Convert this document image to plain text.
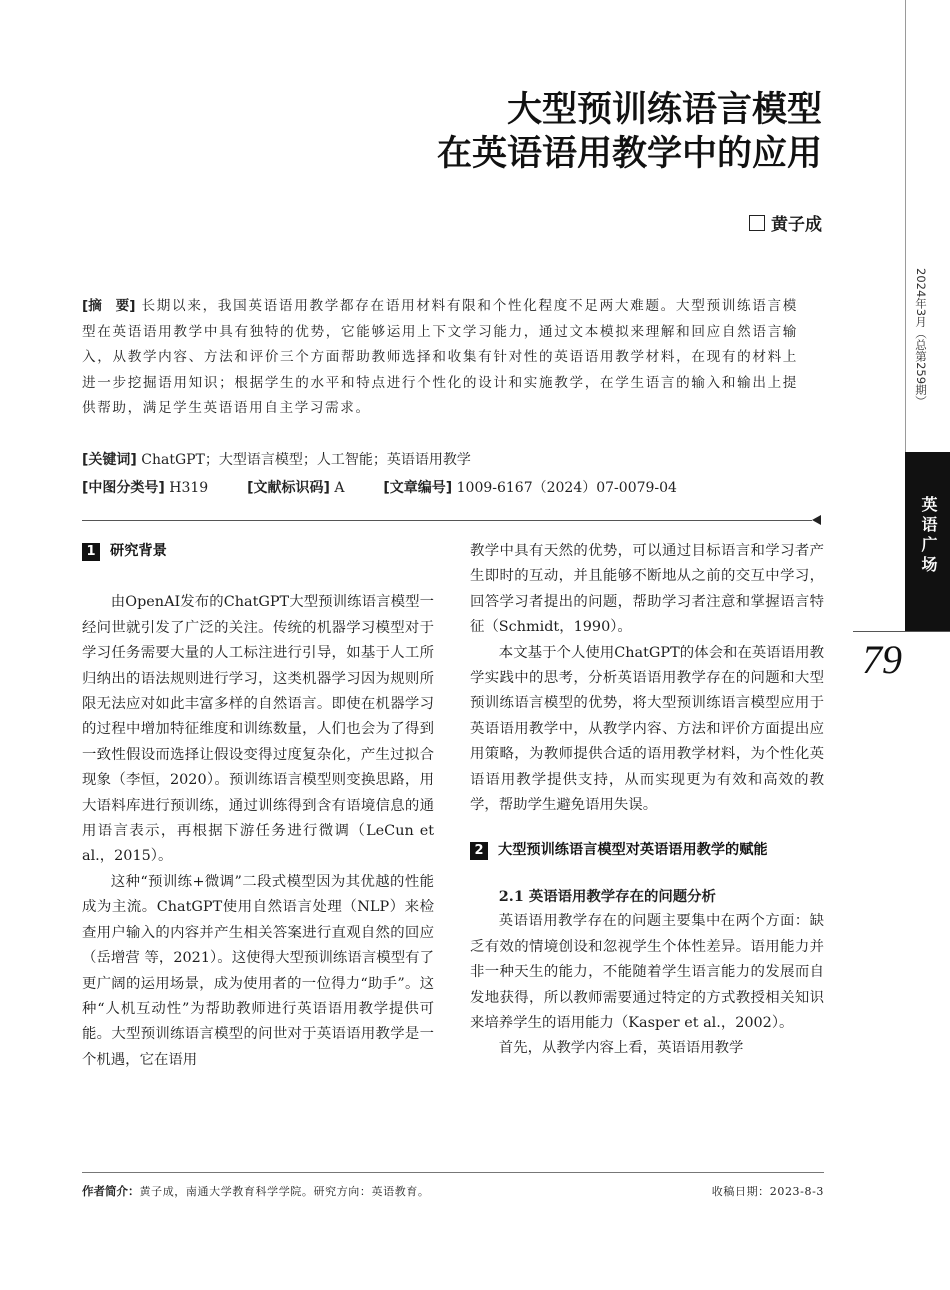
大型预训练语言模型
在英语语用教学中的应用
黄子成
[摘　要] 长期以来，我国英语语用教学都存在语用材料有限和个性化程度不足两大难题。大型预训练语言模型在英语语用教学中具有独特的优势，它能够运用上下文学习能力，通过文本模拟来理解和回应自然语言输入，从教学内容、方法和评价三个方面帮助教师选择和收集有针对性的英语语用教学材料，在现有的材料上进一步挖掘语用知识；根据学生的水平和特点进行个性化的设计和实施教学，在学生语言的输入和输出上提供帮助，满足学生英语语用自主学习需求。
[关键词] ChatGPT；大型语言模型；人工智能；英语语用教学
[中图分类号] H319	[文献标识码] A	[文章编号] 1009-6167（2024）07-0079-04
1	研究背景

由OpenAI发布的ChatGPT大型预训练语言模型一经问世就引发了广泛的关注。传统的机器学习模型对于学习任务需要大量的人工标注进行引导，如基于人工所归纳出的语法规则进行学习，这类机器学习因为规则所限无法应对如此丰富多样的自然语言。即使在机器学习的过程中增加特征维度和训练数量，人们也会为了得到一致性假设而选择让假设变得过度复杂化，产生过拟合现象（李恒，2020）。预训练语言模型则变换思路，用大语料库进行预训练，通过训练得到含有语境信息的通用语言表示，再根据下游任务进行微调（LeCun et al.，2015）。

这种“预训练+微调”二段式模型因为其优越的性能成为主流。ChatGPT使用自然语言处理（NLP）来检查用户输入的内容并产生相关答案进行直观自然的回应（岳增营 等，2021）。这使得大型预训练语言模型有了更广阔的运用场景，成为使用者的一位得力“助手”。这种“人机互动性”为帮助教师进行英语语用教学提供可能。大型预训练语言模型的问世对于英语语用教学是一个机遇，它在语用

教学中具有天然的优势，可以通过目标语言和学习者产生即时的互动，并且能够不断地从之前的交互中学习，回答学习者提出的问题，帮助学习者注意和掌握语言特征（Schmidt，1990）。

本文基于个人使用ChatGPT的体会和在英语语用教学实践中的思考，分析英语语用教学存在的问题和大型预训练语言模型的优势，将大型预训练语言模型应用于英语语用教学中，从教学内容、方法和评价方面提出应用策略，为教师提供合适的语用教学材料，为个性化英语语用教学提供支持，从而实现更为有效和高效的教学，帮助学生避免语用失误。

2	大型预训练语言模型对英语语用教学的赋能
2.1 英语语用教学存在的问题分析

英语语用教学存在的问题主要集中在两个方面：缺乏有效的情境创设和忽视学生个体性差异。语用能力并非一种天生的能力，不能随着学生语言能力的发展而自发地获得，所以教师需要通过特定的方式教授相关知识来培养学生的语用能力（Kasper et al.，2002）。

首先，从教学内容上看，英语语用教学

2024年3月（总第259期）
英语广场
79
作者简介：黄子成，南通大学教育科学学院。研究方向：英语教育。	收稿日期：2023-8-3
